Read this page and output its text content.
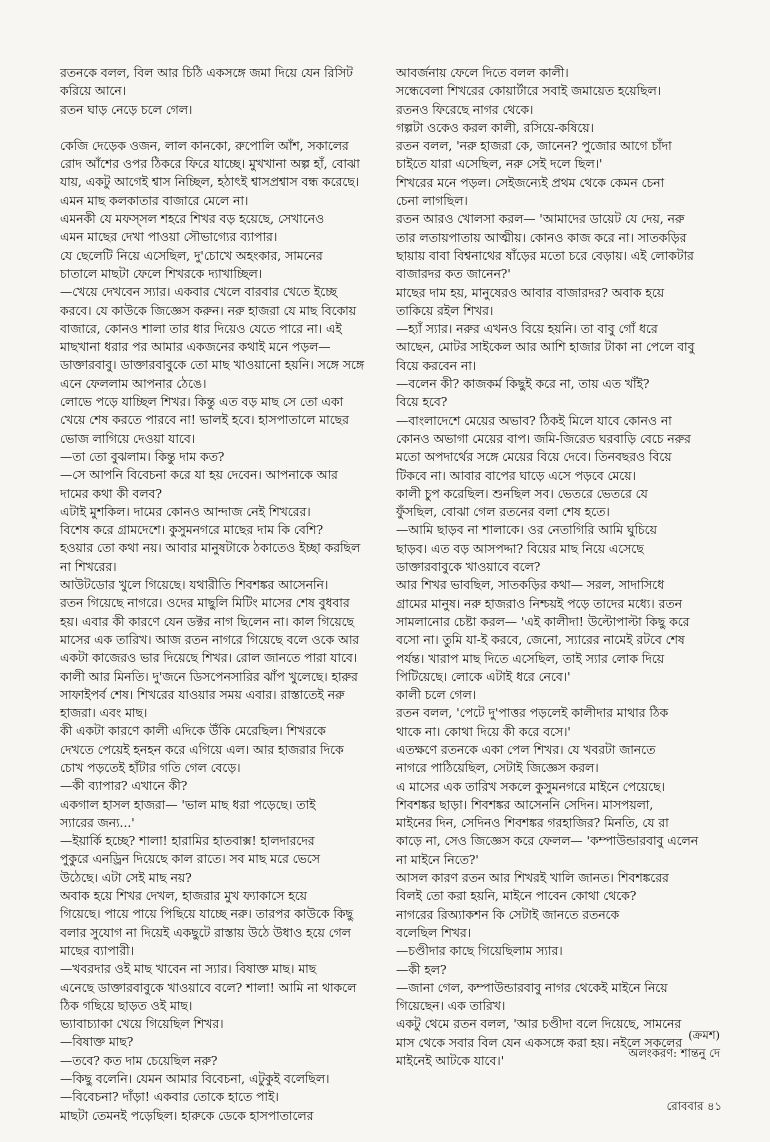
রতনকে বলল, বিল আর চিঠি একসঙ্গে জমা দিয়ে যেন রিসিট

করিয়ে আনে।

রতন ঘাড় নেড়ে চলে গেল।

কেজি দেড়েক ওজন, লাল কানকো, রুপোলি আঁশ, সকালের

রোদ আঁশের ওপর ঠিকরে ফিরে যাচ্ছে। মুখখানা অল্প হাঁ, বোঝা

যায়, একটু আগেই শ্বাস নিচ্ছিল, হঠাৎই শ্বাসপ্রশ্বাস বন্ধ করেছে।

এমন মাছ কলকাতার বাজারে মেলে না।

এমনকী যে মফস্সল শহরে শিখর বড় হয়েছে, সেখানেও

এমন মাছের দেখা পাওয়া সৌভাগ্যের ব্যাপার।

যে ছেলেটি নিয়ে এসেছিল, দু'চোখে অহংকার, সামনের

চাতালে মাছটা ফেলে শিখরকে দ্যাখাচ্ছিল।

—খেয়ে দেখবেন স্যার। একবার খেলে বারবার খেতে ইচ্ছে

করবে। যে কাউকে জিজ্ঞেস করুন। নরু হাজরা যে মাছ বিকোয়

বাজারে, কোনও শালা তার ধার দিয়েও যেতে পারে না। এই

মাছখানা ধরার পর আমার একজনের কথাই মনে পড়ল—

ডাক্তারবাবু। ডাক্তারবাবুকে তো মাছ খাওয়ানো হয়নি। সঙ্গে সঙ্গে

এনে ফেললাম আপনার ঠেঙে।

লোভে পড়ে যাচ্ছিল শিখর। কিন্তু এত বড় মাছ সে তো একা

খেয়ে শেষ করতে পারবে না! ভালই হবে। হাসপাতালে মাছের

ভোজ লাগিয়ে দেওয়া যাবে।

—তা তো বুঝলাম। কিন্তু দাম কত?

—সে আপনি বিবেচনা করে যা হয় দেবেন। আপনাকে আর

দামের কথা কী বলব?

এটাই মুশকিল। দামের কোনও আন্দাজ নেই শিখরের।

বিশেষ করে গ্রামদেশে। কুসুমনগরে মাছের দাম কি বেশি?

হওয়ার তো কথা নয়। আবার মানুষটাকে ঠকাতেও ইচ্ছা করছিল

না শিখরের।

আউটডোর খুলে গিয়েছে। যথারীতি শিবশঙ্কর আসেননি।

রতন গিয়েছে নাগরে। ওদের মাছুলি মিটিং মাসের শেষ বুধবার

হয়। এবার কী কারণে যেন ডক্টর নাগ ছিলেন না। কাল গিয়েছে

মাসের এক তারিখ। আজ রতন নাগরে গিয়েছে বলে ওকে আর

একটা কাজেরও ভার দিয়েছে শিখর। রোল জানতে পারা যাবে।

কালী আর মিনতি। দু'জনে ডিসপেনসারির ঝাঁপ খুলেছে। হারুর

সাফাইপর্ব শেষ। শিখরের যাওয়ার সময় এবার। রাস্তাতেই নরু

হাজরা। এবং মাছ।

কী একটা কারণে কালী এদিকে উঁকি মেরেছিল। শিখরকে

দেখতে পেয়েই হনহন করে এগিয়ে এল। আর হাজরার দিকে

চোখ পড়তেই হাঁটার গতি গেল বেড়ে।

—কী ব্যাপার? এখানে কী?

একগাল হাসল হাজরা— 'ভাল মাছ ধরা পড়েছে। তাই

স্যারের জন্য...'

—ইয়ার্কি হচ্ছে? শালা! হারামির হাতবাক্স! হালদারদের

পুকুরে এনড্রিন দিয়েছে কাল রাতে। সব মাছ মরে ভেসে

উঠেছে। এটা সেই মাছ নয়?

অবাক হয়ে শিখর দেখল, হাজরার মুখ ফ্যাকাসে হয়ে

গিয়েছে। পায়ে পায়ে পিছিয়ে যাচ্ছে নরু। তারপর কাউকে কিছু

বলার সুযোগ না দিয়েই একছুটে রাস্তায় উঠে উধাও হয়ে গেল

মাছের ব্যাপারী।

—খবরদার ওই মাছ খাবেন না স্যার। বিষাক্ত মাছ। মাছ

এনেছে ডাক্তারবাবুকে খাওয়াবে বলে? শালা! আমি না থাকলে

ঠিক গছিয়ে ছাড়ত ওই মাছ।

ভ্যাবাচ্যাকা খেয়ে গিয়েছিল শিখর।

—বিষাক্ত মাছ?

—তবে? কত দাম চেয়েছিল নরু?

—কিছু বলেনি। যেমন আমার বিবেচনা, এটুকুই বলেছিল।

—বিবেচনা? দাঁড়া! একবার তোকে হাতে পাই।

মাছটা তেমনই পড়েছিল। হারুকে ডেকে হাসপাতালের

আবর্জনায় ফেলে দিতে বলল কালী।

সন্ধেবেলা শিখরের কোয়ার্টারে সবাই জমায়েত হয়েছিল।

রতনও ফিরেছে নাগর থেকে।

গল্পটা ওকেও করল কালী, রসিয়ে-কষিয়ে।

রতন বলল, 'নরু হাজরা কে, জানেন? পুজোর আগে চাঁদা

চাইতে যারা এসেছিল, নরু সেই দলে ছিল।'

শিখরের মনে পড়ল। সেইজন্যেই প্রথম থেকে কেমন চেনা

চেনা লাগছিল।

রতন আরও খোলসা করল— 'আমাদের ডায়েট যে দেয়, নরু

তার লতায়পাতায় আত্মীয়। কোনও কাজ করে না। সাতকড়ির

ছায়ায় বাবা বিশ্বনাথের ষাঁড়ের মতো চরে বেড়ায়। এই লোকটার

বাজারদর কত জানেন?'

মাছের দাম হয়, মানুষেরও আবার বাজারদর? অবাক হয়ে

তাকিয়ে রইল শিখর।

—হ্যাঁ স্যার। নরুর এখনও বিয়ে হয়নি। তা বাবু গোঁ ধরে

আছেন, মোটর সাইকেল আর আশি হাজার টাকা না পেলে বাবু

বিয়ে করবেন না।

—বলেন কী? কাজকর্ম কিছুই করে না, তায় এত খাঁই?

বিয়ে হবে?

—বাংলাদেশে মেয়ের অভাব? ঠিকই মিলে যাবে কোনও না

কোনও অভাগা মেয়ের বাপ। জমি-জিরেত ঘরবাড়ি বেচে নরুর

মতো অপদার্থের সঙ্গে মেয়ের বিয়ে দেবে। তিনবছরও বিয়ে

টিকবে না। আবার বাপের ঘাড়ে এসে পড়বে মেয়ে।

কালী চুপ করেছিল। শুনছিল সব। ভেতরে ভেতরে যে

ফুঁসছিল, বোঝা গেল রতনের বলা শেষ হতে।

—আমি ছাড়ব না শালাকে। ওর নেতাগিরি আমি ঘুচিয়ে

ছাড়ব। এত বড় আসপদ্দা? বিয়ের মাছ নিয়ে এসেছে

ডাক্তারবাবুকে খাওয়াবে বলে?

আর শিখর ভাবছিল, সাতকড়ির কথা— সরল, সাদাসিধে

গ্রামের মানুষ। নরু হাজরাও নিশ্চয়ই পড়ে তাদের মধ্যে। রতন

সামলানোর চেষ্টা করল— 'এই কালীদা! উল্টোপাল্টা কিছু করে

বসো না। তুমি যা-ই করবে, জেনো, স্যারের নামেই রটবে শেষ

পর্যন্ত। খারাপ মাছ দিতে এসেছিল, তাই স্যার লোক দিয়ে

পিটিয়েছে। লোকে এটাই ধরে নেবে।'

কালী চলে গেল।

রতন বলল, 'পেটে দু'পাত্তর পড়লেই কালীদার মাথার ঠিক

থাকে না। কোথা দিয়ে কী করে বসে।'

এতক্ষণে রতনকে একা পেল শিখর। যে খবরটা জানতে

নাগরে পাঠিয়েছিল, সেটাই জিজ্ঞেস করল।

এ মাসের এক তারিখ সকলে কুসুমনগরে মাইনে পেয়েছে।

শিবশঙ্কর ছাড়া। শিবশঙ্কর আসেননি সেদিন। মাসপয়লা,

মাইনের দিন, সেদিনও শিবশঙ্কর গরহাজির? মিনতি, যে রা

কাড়ে না, সেও জিজ্ঞেস করে ফেলল— 'কম্পাউন্ডারবাবু এলেন

না মাইনে নিতে?'

আসল কারণ রতন আর শিখরই খালি জানত। শিবশঙ্করের

বিলই তো করা হয়নি, মাইনে পাবেন কোথা থেকে?

নাগরের রিঅ্যাকশন কি সেটাই জানতে রতনকে

বলেছিল শিখর।

—চণ্ডীদার কাছে গিয়েছিলাম স্যার।

—কী হল?

—জানা গেল, কম্পাউন্ডারবাবু নাগর থেকেই মাইনে নিয়ে

গিয়েছেন। এক তারিখ।

একটু থেমে রতন বলল, 'আর চণ্ডীদা বলে দিয়েছে, সামনের

মাস থেকে সবার বিল যেন একসঙ্গে করা হয়। নইলে সকলের

মাইনেই আটকে যাবে।'

(ক্রমশ)
অলংকরণ: শান্তনু দে
রোববার ৪১
